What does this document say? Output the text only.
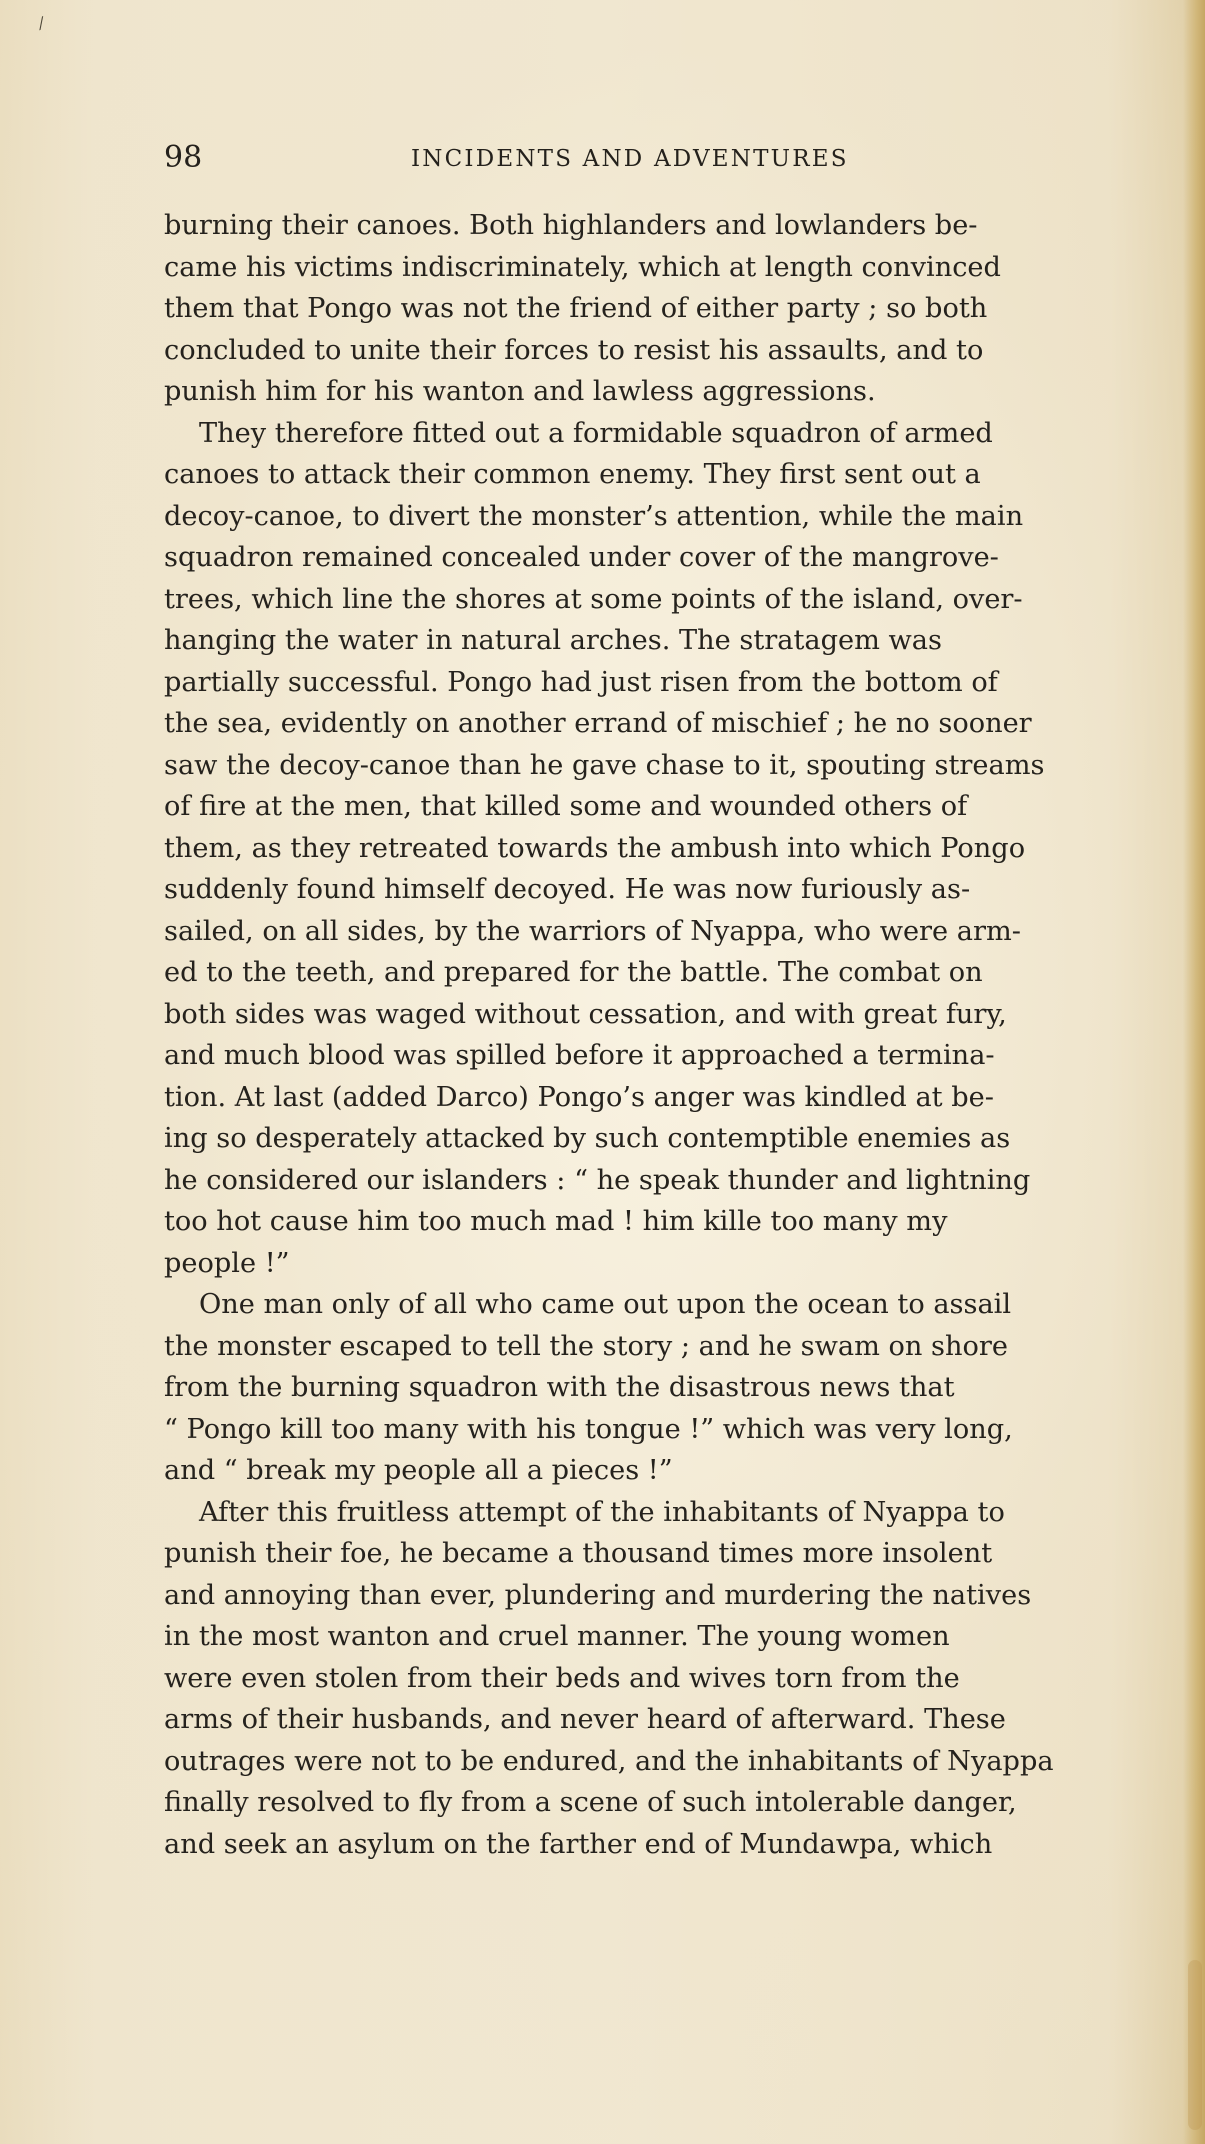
⁄
98	INCIDENTS AND ADVENTURES
burning their canoes. Both highlanders and lowlanders be-
came his victims indiscriminately, which at length convinced
them that Pongo was not the friend of either party ; so both
concluded to unite their forces to resist his assaults, and to
punish him for his wanton and lawless aggressions.
They therefore fitted out a formidable squadron of armed
canoes to attack their common enemy. They first sent out a
decoy-canoe, to divert the monster’s attention, while the main
squadron remained concealed under cover of the mangrove-
trees, which line the shores at some points of the island, over-
hanging the water in natural arches. The stratagem was
partially successful. Pongo had just risen from the bottom of
the sea, evidently on another errand of mischief ; he no sooner
saw the decoy-canoe than he gave chase to it, spouting streams
of fire at the men, that killed some and wounded others of
them, as they retreated towards the ambush into which Pongo
suddenly found himself decoyed. He was now furiously as-
sailed, on all sides, by the warriors of Nyappa, who were arm-
ed to the teeth, and prepared for the battle. The combat on
both sides was waged without cessation, and with great fury,
and much blood was spilled before it approached a termina-
tion. At last (added Darco) Pongo’s anger was kindled at be-
ing so desperately attacked by such contemptible enemies as
he considered our islanders : “ he speak thunder and lightning
too hot cause him too much mad ! him kille too many my
people !”
One man only of all who came out upon the ocean to assail
the monster escaped to tell the story ; and he swam on shore
from the burning squadron with the disastrous news that
“ Pongo kill too many with his tongue !” which was very long,
and “ break my people all a pieces !”
After this fruitless attempt of the inhabitants of Nyappa to
punish their foe, he became a thousand times more insolent
and annoying than ever, plundering and murdering the natives
in the most wanton and cruel manner. The young women
were even stolen from their beds and wives torn from the
arms of their husbands, and never heard of afterward. These
outrages were not to be endured, and the inhabitants of Nyappa
finally resolved to fly from a scene of such intolerable danger,
and seek an asylum on the farther end of Mundawpa, which
